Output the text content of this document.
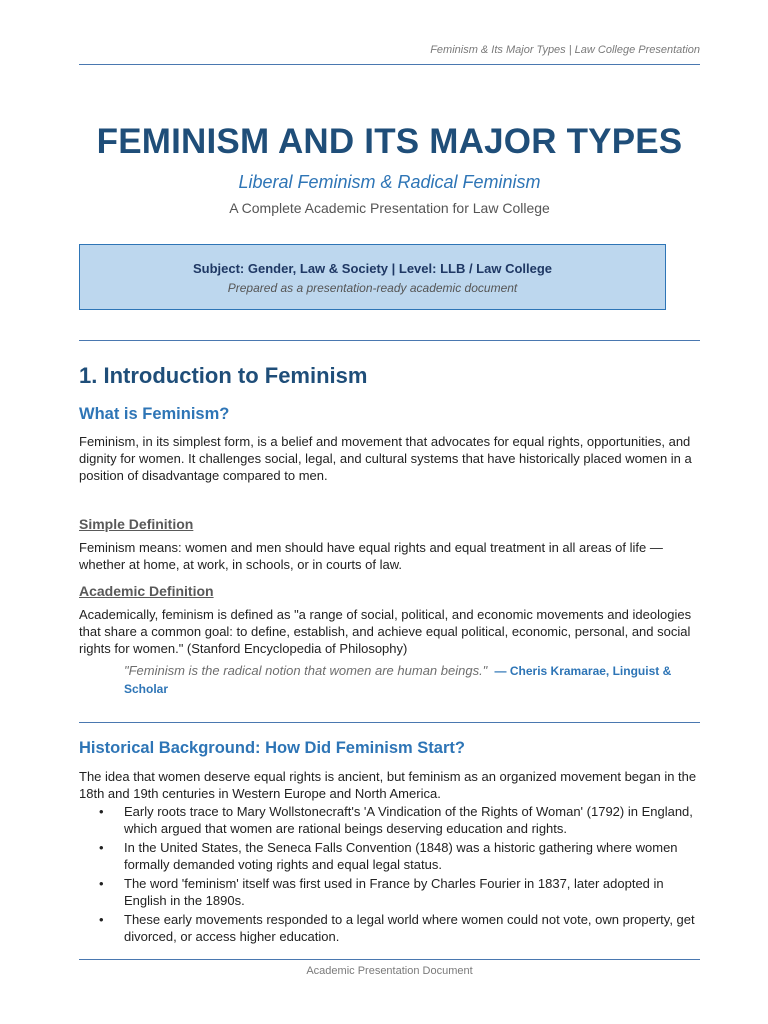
Feminism & Its Major Types | Law College Presentation
FEMINISM AND ITS MAJOR TYPES
Liberal Feminism & Radical Feminism
A Complete Academic Presentation for Law College
Subject: Gender, Law & Society | Level: LLB / Law College
Prepared as a presentation-ready academic document
1. Introduction to Feminism
What is Feminism?
Feminism, in its simplest form, is a belief and movement that advocates for equal rights, opportunities, and dignity for women. It challenges social, legal, and cultural systems that have historically placed women in a position of disadvantage compared to men.
Simple Definition
Feminism means: women and men should have equal rights and equal treatment in all areas of life — whether at home, at work, in schools, or in courts of law.
Academic Definition
Academically, feminism is defined as "a range of social, political, and economic movements and ideologies that share a common goal: to define, establish, and achieve equal political, economic, personal, and social rights for women." (Stanford Encyclopedia of Philosophy)
"Feminism is the radical notion that women are human beings." — Cheris Kramarae, Linguist & Scholar
Historical Background: How Did Feminism Start?
The idea that women deserve equal rights is ancient, but feminism as an organized movement began in the 18th and 19th centuries in Western Europe and North America.
• Early roots trace to Mary Wollstonecraft's 'A Vindication of the Rights of Woman' (1792) in England, which argued that women are rational beings deserving education and rights.
• In the United States, the Seneca Falls Convention (1848) was a historic gathering where women formally demanded voting rights and equal legal status.
• The word 'feminism' itself was first used in France by Charles Fourier in 1837, later adopted in English in the 1890s.
• These early movements responded to a legal world where women could not vote, own property, get divorced, or access higher education.
Academic Presentation Document
